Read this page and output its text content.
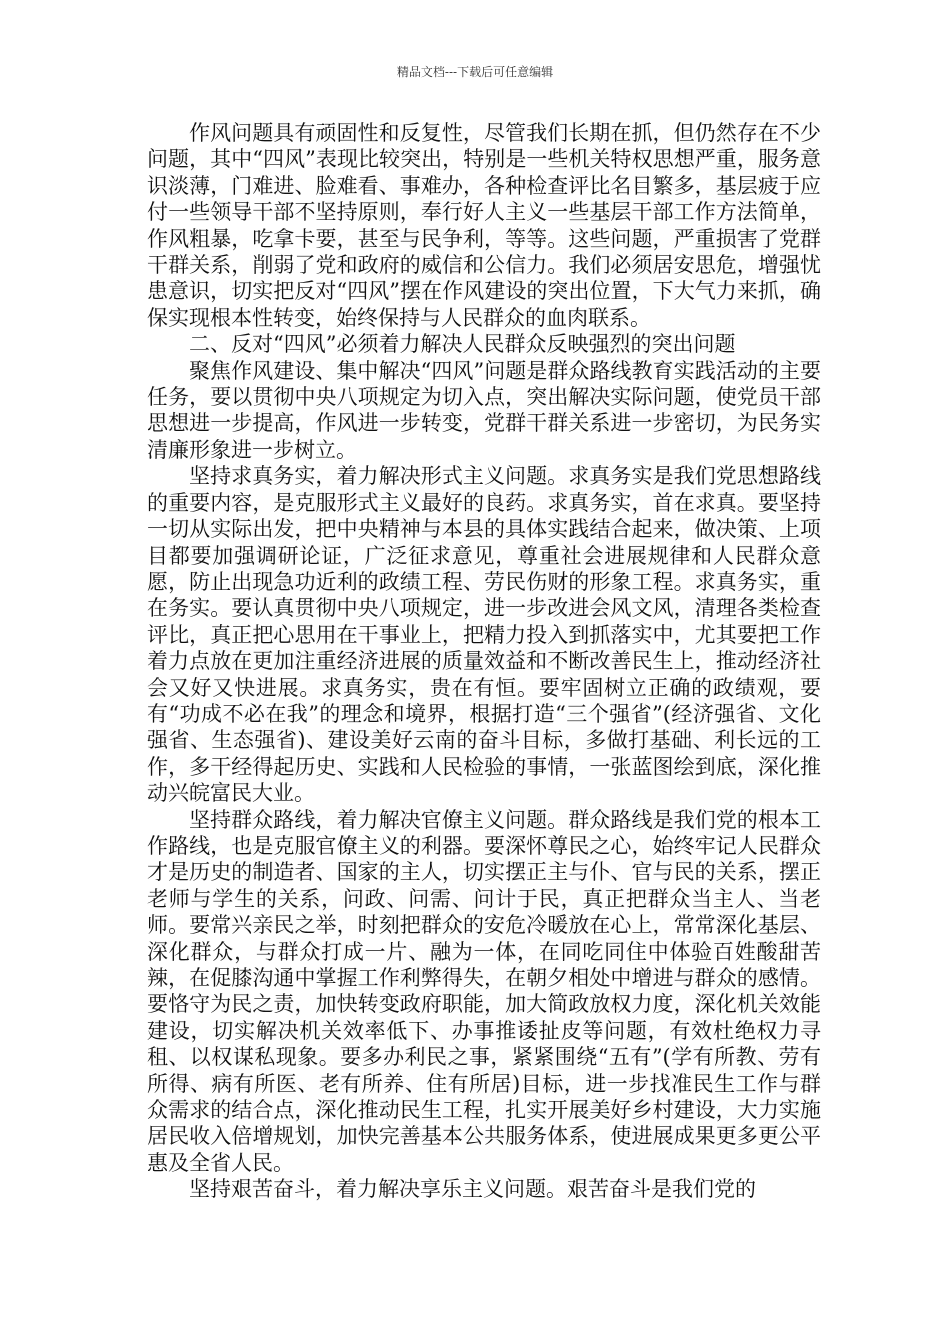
精品文档---下载后可任意编辑

作风问题具有顽固性和反复性，尽管我们长期在抓，但仍然存在不少问题，其中“四风”表现比较突出，特别是一些机关特权思想严重，服务意识淡薄，门难进、脸难看、事难办，各种检查评比名目繁多，基层疲于应付一些领导干部不坚持原则，奉行好人主义一些基层干部工作方法简单，作风粗暴，吃拿卡要，甚至与民争利，等等。这些问题，严重损害了党群干群关系，削弱了党和政府的威信和公信力。我们必须居安思危，增强忧患意识，切实把反对“四风”摆在作风建设的突出位置，下大气力来抓，确保实现根本性转变，始终保持与人民群众的血肉联系。

二、反对“四风”必须着力解决人民群众反映强烈的突出问题

聚焦作风建设、集中解决“四风”问题是群众路线教育实践活动的主要任务，要以贯彻中央八项规定为切入点，突出解决实际问题，使党员干部思想进一步提高，作风进一步转变，党群干群关系进一步密切，为民务实清廉形象进一步树立。

坚持求真务实，着力解决形式主义问题。求真务实是我们党思想路线的重要内容，是克服形式主义最好的良药。求真务实，首在求真。要坚持一切从实际出发，把中央精神与本县的具体实践结合起来，做决策、上项目都要加强调研论证，广泛征求意见，尊重社会进展规律和人民群众意愿，防止出现急功近利的政绩工程、劳民伤财的形象工程。求真务实，重在务实。要认真贯彻中央八项规定，进一步改进会风文风，清理各类检查评比，真正把心思用在干事业上，把精力投入到抓落实中，尤其要把工作着力点放在更加注重经济进展的质量效益和不断改善民生上，推动经济社会又好又快进展。求真务实，贵在有恒。要牢固树立正确的政绩观，要有“功成不必在我”的理念和境界，根据打造“三个强省”(经济强省、文化强省、生态强省)、建设美好云南的奋斗目标，多做打基础、利长远的工作，多干经得起历史、实践和人民检验的事情，一张蓝图绘到底，深化推动兴皖富民大业。

坚持群众路线，着力解决官僚主义问题。群众路线是我们党的根本工作路线，也是克服官僚主义的利器。要深怀尊民之心，始终牢记人民群众才是历史的制造者、国家的主人，切实摆正主与仆、官与民的关系，摆正老师与学生的关系，问政、问需、问计于民，真正把群众当主人、当老师。要常兴亲民之举，时刻把群众的安危冷暖放在心上，常常深化基层、深化群众，与群众打成一片、融为一体，在同吃同住中体验百姓酸甜苦辣，在促膝沟通中掌握工作利弊得失，在朝夕相处中增进与群众的感情。要恪守为民之责，加快转变政府职能，加大简政放权力度，深化机关效能建设，切实解决机关效率低下、办事推诿扯皮等问题，有效杜绝权力寻租、以权谋私现象。要多办利民之事，紧紧围绕“五有”(学有所教、劳有所得、病有所医、老有所养、住有所居)目标，进一步找准民生工作与群众需求的结合点，深化推动民生工程，扎实开展美好乡村建设，大力实施居民收入倍增规划，加快完善基本公共服务体系，使进展成果更多更公平惠及全省人民。

坚持艰苦奋斗，着力解决享乐主义问题。艰苦奋斗是我们党的
